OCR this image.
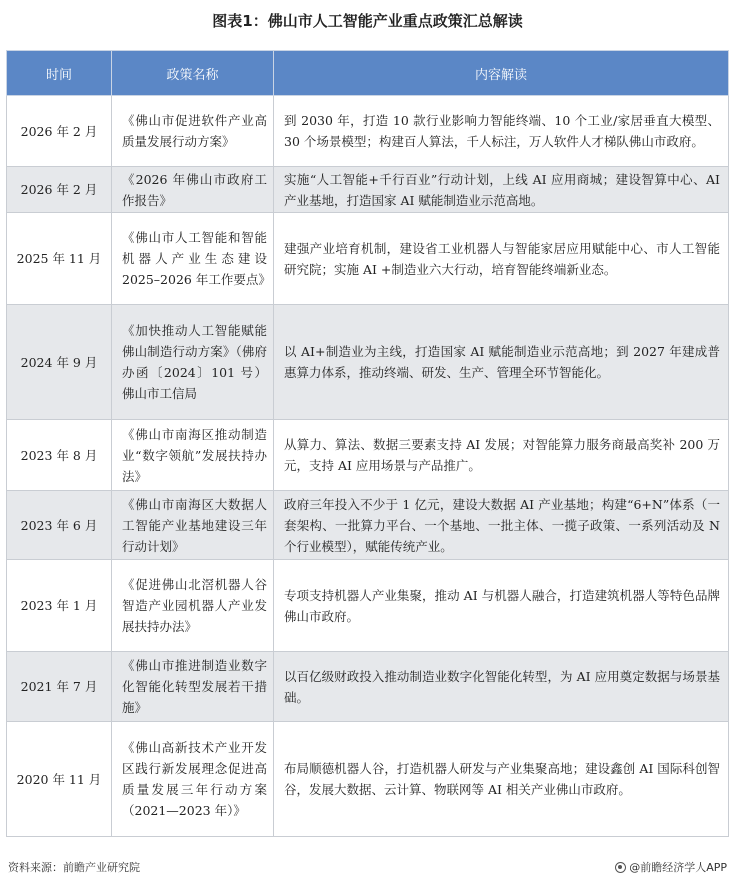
图表1：佛山市人工智能产业重点政策汇总解读
时间	政策名称	内容解读
2026 年 2 月	《佛山市促进软件产业高质量发展行动方案》	到 2030 年，打造 10 款行业影响力智能终端、10 个工业/家居垂直大模型、30 个场景模型；构建百人算法，千人标注，万人软件人才梯队佛山市政府。
2026 年 2 月	《2026 年佛山市政府工作报告》	实施“人工智能+千行百业”行动计划，上线 AI 应用商城；建设智算中心、AI 产业基地，打造国家 AI 赋能制造业示范高地。
2025 年 11 月	《佛山市人工智能和智能机器人产业生态建设 2025–2026 年工作要点》	建强产业培育机制，建设省工业机器人与智能家居应用赋能中心、市人工智能研究院；实施 AI +制造业六大行动，培育智能终端新业态。
2024 年 9 月	《加快推动人工智能赋能佛山制造行动方案》（佛府办函〔2024〕101 号）佛山市工信局	以 AI+制造业为主线，打造国家 AI 赋能制造业示范高地；到 2027 年建成普惠算力体系，推动终端、研发、生产、管理全环节智能化。
2023 年 8 月	《佛山市南海区推动制造业“数字领航”发展扶持办法》	从算力、算法、数据三要素支持 AI 发展；对智能算力服务商最高奖补 200 万元，支持 AI 应用场景与产品推广。
2023 年 6 月	《佛山市南海区大数据人工智能产业基地建设三年行动计划》	政府三年投入不少于 1 亿元，建设大数据 AI 产业基地；构建“6+N”体系（一套架构、一批算力平台、一个基地、一批主体、一揽子政策、一系列活动及 N 个行业模型），赋能传统产业。
2023 年 1 月	《促进佛山北滘机器人谷智造产业园机器人产业发展扶持办法》	专项支持机器人产业集聚，推动 AI 与机器人融合，打造建筑机器人等特色品牌佛山市政府。
2021 年 7 月	《佛山市推进制造业数字化智能化转型发展若干措施》	以百亿级财政投入推动制造业数字化智能化转型，为 AI 应用奠定数据与场景基础。
2020 年 11 月	《佛山高新技术产业开发区践行新发展理念促进高质量发展三年行动方案（2021—2023 年）》	布局顺德机器人谷，打造机器人研发与产业集聚高地；建设鑫创 AI 国际科创智谷，发展大数据、云计算、物联网等 AI 相关产业佛山市政府。
资料来源：前瞻产业研究院	@前瞻经济学人APP
